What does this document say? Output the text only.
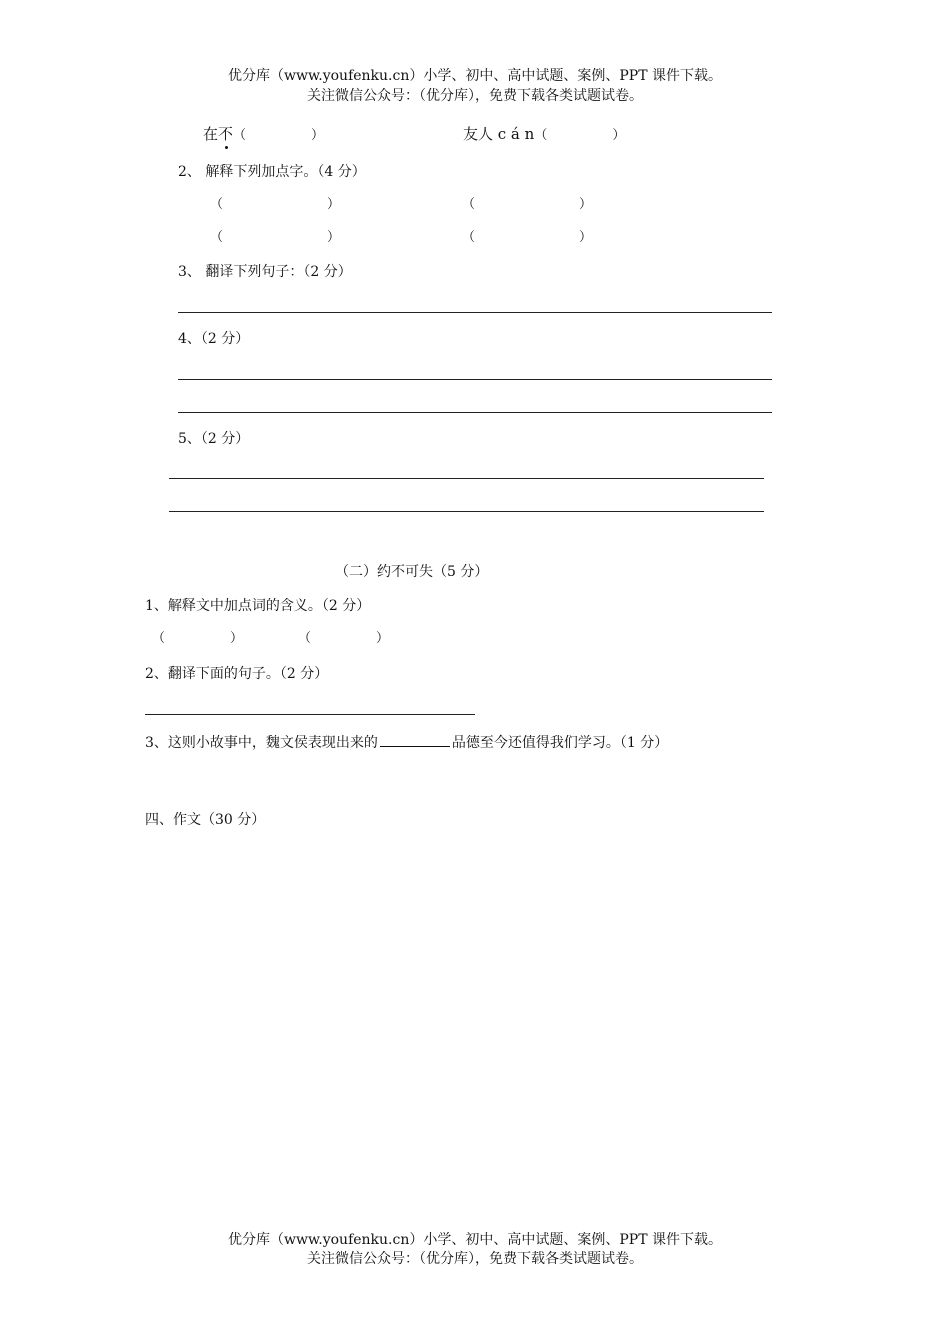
优分库（www.youfenku.cn）小学、初中、高中试题、案例、PPT 课件下载。
关注微信公众号：（优分库），免费下载各类试题试卷。
在不（　　　　　）	友人 c á n（　　　　　）
2、 解释下列加点字。（4 分）
（　　　　　　　　）	（　　　　　　　　）
（　　　　　　　　）	（　　　　　　　　）
3、 翻译下列句子：（2 分）
4、（2 分）
5、（2 分）
（二）约不可失（5 分）
1、解释文中加点词的含义。（2 分）
（　　　　　）	（　　　　　）
2、翻译下面的句子。（2 分）
3、这则小故事中，魏文侯表现出来的	品德至今还值得我们学习。（1 分）
四、作文（30 分）
优分库（www.youfenku.cn）小学、初中、高中试题、案例、PPT 课件下载。
关注微信公众号：（优分库），免费下载各类试题试卷。
